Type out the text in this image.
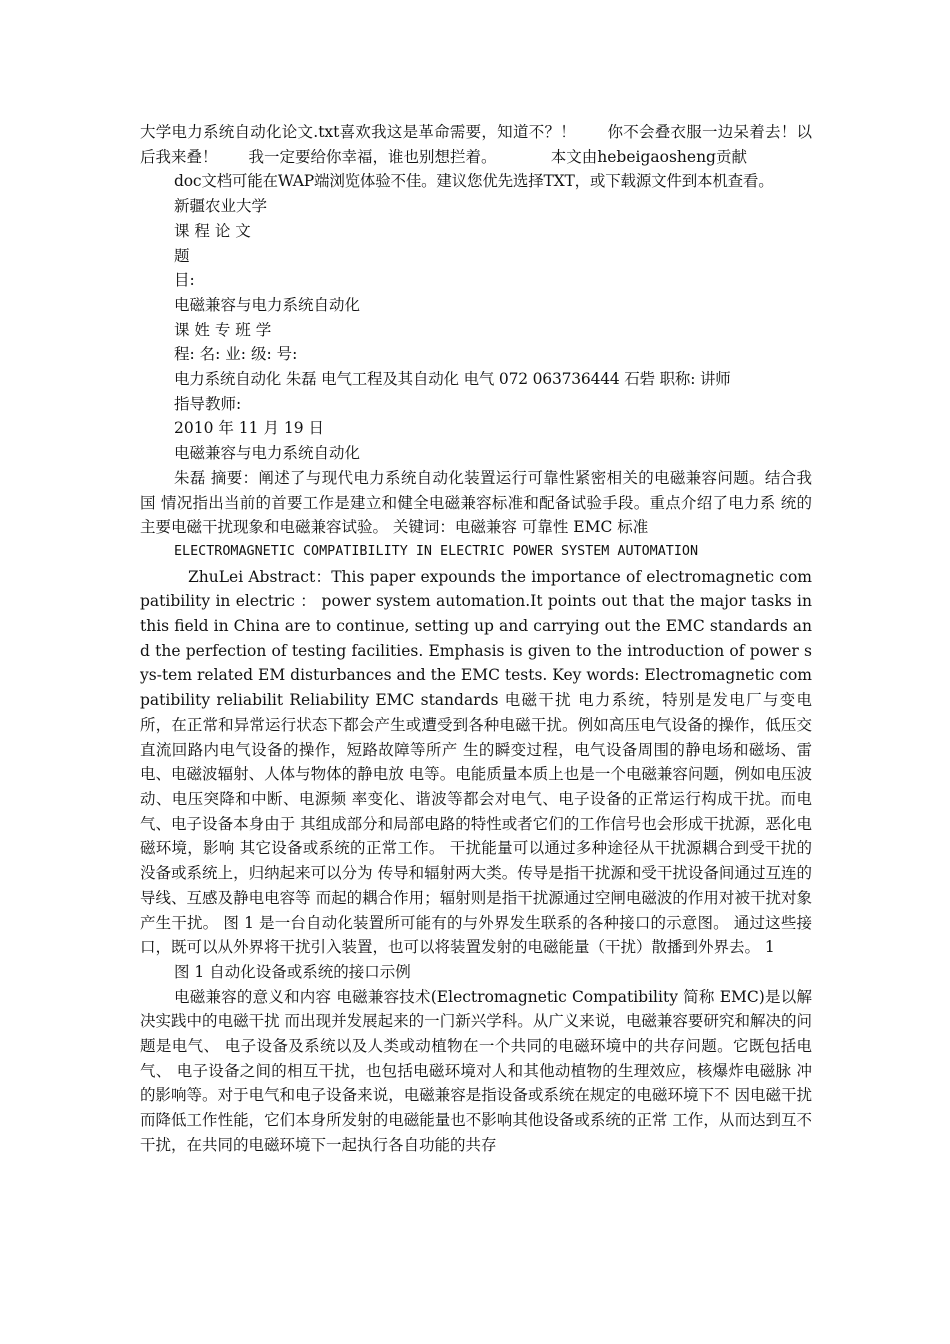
大学电力系统自动化论文.txt喜欢我这是革命需要，知道不？！　　你不会叠衣服一边呆着去！以后我来叠！　　我一定要给你幸福，谁也别想拦着。　　　　本文由hebeigaosheng贡献

doc文档可能在WAP端浏览体验不佳。建议您优先选择TXT，或下载源文件到本机查看。

新疆农业大学

课 程 论 文

题

目:

电磁兼容与电力系统自动化

课 姓 专 班 学

程: 名: 业: 级: 号:

电力系统自动化 朱磊 电气工程及其自动化 电气 072 063736444 石砦 职称: 讲师

指导教师:

2010 年 11 月 19 日

电磁兼容与电力系统自动化

朱磊 摘要：阐述了与现代电力系统自动化装置运行可靠性紧密相关的电磁兼容问题。结合我国 情况指出当前的首要工作是建立和健全电磁兼容标准和配备试验手段。重点介绍了电力系 统的主要电磁干扰现象和电磁兼容试验。 关键词：电磁兼容 可靠性 EMC 标准

ELECTROMAGNETIC COMPATIBILITY IN ELECTRIC POWER SYSTEM AUTOMATION

ZhuLei Abstract：This paper expounds the importance of electromagnetic compatibility in electric ： power system automation.It points out that the major tasks in this field in China are to continue, setting up and carrying out the EMC standards and the perfection of testing facilities. Emphasis is given to the introduction of power sys-tem related EM disturbances and the EMC tests. Key words: Electromagnetic compatibility reliabilit Reliability EMC standards 电磁干扰 电力系统，特别是发电厂与变电所，在正常和异常运行状态下都会产生或遭受到各种电磁干扰。例如高压电气设备的操作，低压交直流回路内电气设备的操作，短路故障等所产 生的瞬变过程，电气设备周围的静电场和磁场、雷电、电磁波辐射、人体与物体的静电放 电等。电能质量本质上也是一个电磁兼容问题，例如电压波动、电压突降和中断、电源频 率变化、谐波等都会对电气、电子设备的正常运行构成干扰。而电气、电子设备本身由于 其组成部分和局部电路的特性或者它们的工作信号也会形成干扰源，恶化电磁环境，影响 其它设备或系统的正常工作。 干扰能量可以通过多种途径从干扰源耦合到受干扰的没备或系统上，归纳起来可以分为 传导和辐射两大类。传导是指干扰源和受干扰设备间通过互连的导线、互感及静电电容等 而起的耦合作用；辐射则是指干扰源通过空闸电磁波的作用对被干扰对象产生干扰。 图 1 是一台自动化装置所可能有的与外界发生联系的各种接口的示意图。 通过这些接口，既可以从外界将干扰引入装置，也可以将装置发射的电磁能量（干扰）散播到外界去。 1

图 1 自动化设备或系统的接口示例

电磁兼容的意义和内容 电磁兼容技术(Electromagnetic Compatibility 简称 EMC)是以解决实践中的电磁干扰 而出现并发展起来的一门新兴学科。从广义来说，电磁兼容要研究和解决的问题是电气、 电子设备及系统以及人类或动植物在一个共同的电磁环境中的共存问题。它既包括电气、 电子设备之间的相互干扰，也包括电磁环境对人和其他动植物的生理效应，核爆炸电磁脉 冲的影响等。对于电气和电子设备来说，电磁兼容是指设备或系统在规定的电磁环境下不 因电磁干扰而降低工作性能，它们本身所发射的电磁能量也不影响其他设备或系统的正常 工作，从而达到互不干扰，在共同的电磁环境下一起执行各自功能的共存
